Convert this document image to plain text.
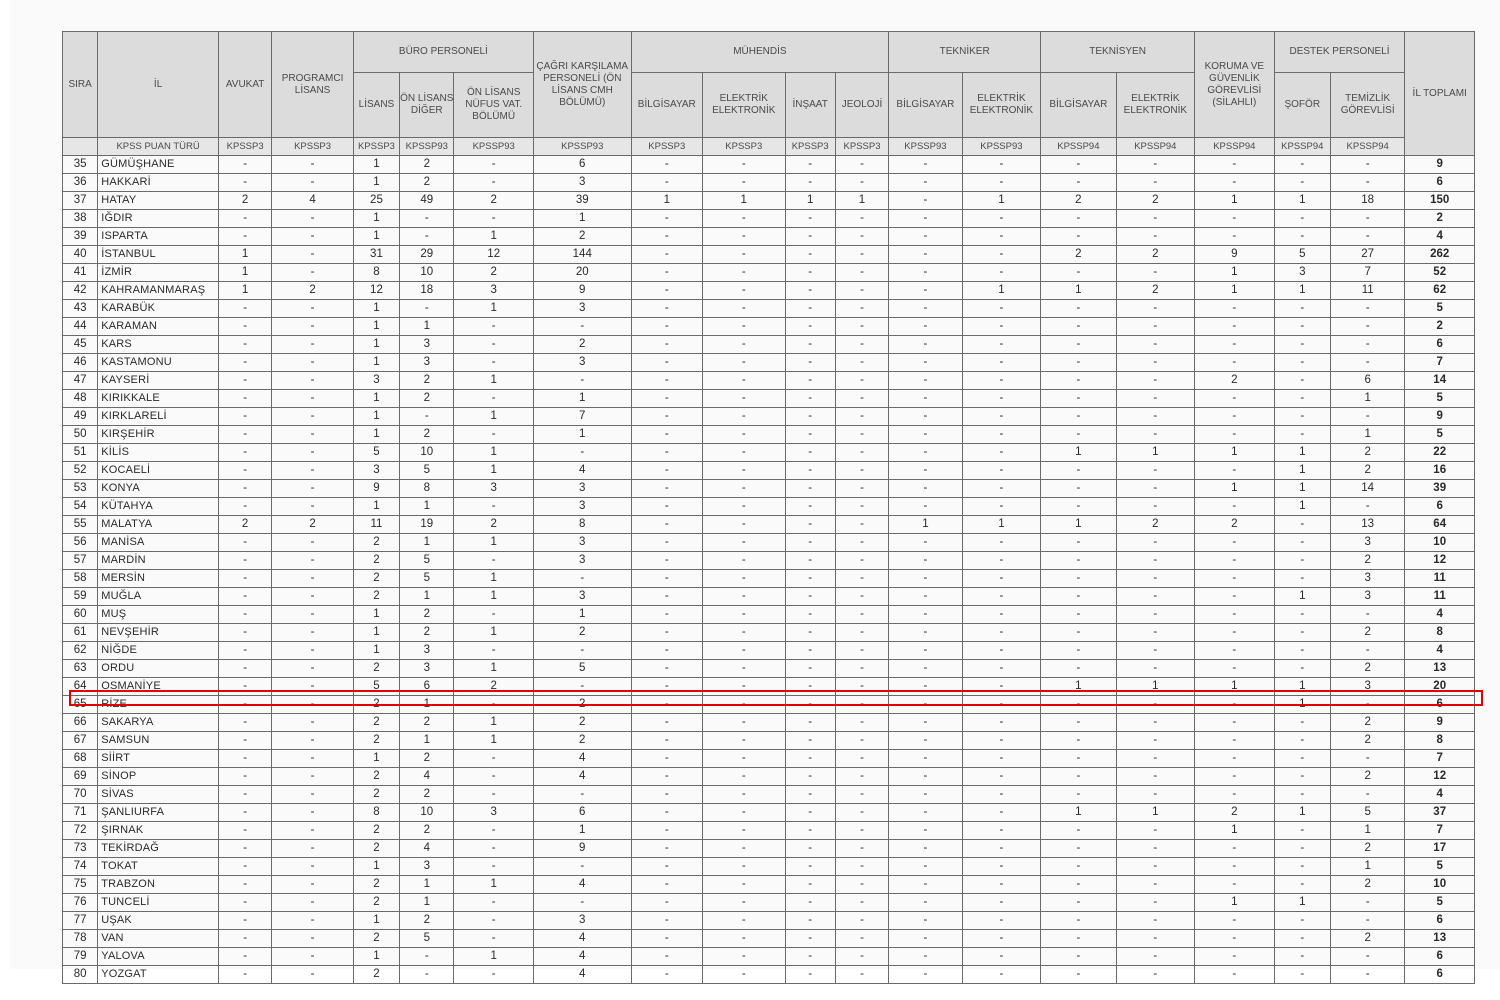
SIRA	İL	AVUKAT	PROGRAMCI LİSANS	BÜRO PERSONELİ			ÇAĞRI KARŞILAMA PERSONELİ (ÖN LİSANS CMH BÖLÜMÜ)	MÜHENDİS				TEKNİKER		TEKNİSYEN		KORUMA VE GÜVENLİK GÖREVLİSİ (SİLAHLI)	DESTEK PERSONELİ		İL TOPLAMI
				LİSANS	ÖN LİSANS DİĞER	ÖN LİSANS NÜFUS VAT. BÖLÜMÜ		BİLGİSAYAR	ELEKTRİK ELEKTRONİK	İNŞAAT	JEOLOJİ	BİLGİSAYAR	ELEKTRİK ELEKTRONİK	BİLGİSAYAR	ELEKTRİK ELEKTRONİK		ŞOFÖR	TEMİZLİK GÖREVLİSİ	
	KPSS PUAN TÜRÜ	KPSSP3	KPSSP3	KPSSP3	KPSSP93	KPSSP93	KPSSP93	KPSSP3	KPSSP3	KPSSP3	KPSSP3	KPSSP93	KPSSP93	KPSSP94	KPSSP94	KPSSP94	KPSSP94	KPSSP94	
35	GÜMÜŞHANE	-	-	1	2	-	6	-	-	-	-	-	-	-	-	-	-	-	9
36	HAKKARİ	-	-	1	2	-	3	-	-	-	-	-	-	-	-	-	-	-	6
37	HATAY	2	4	25	49	2	39	1	1	1	1	-	1	2	2	1	1	18	150
38	IĞDIR	-	-	1	-	-	1	-	-	-	-	-	-	-	-	-	-	-	2
39	ISPARTA	-	-	1	-	1	2	-	-	-	-	-	-	-	-	-	-	-	4
40	İSTANBUL	1	-	31	29	12	144	-	-	-	-	-	-	2	2	9	5	27	262
41	İZMİR	1	-	8	10	2	20	-	-	-	-	-	-	-	-	1	3	7	52
42	KAHRAMANMARAŞ	1	2	12	18	3	9	-	-	-	-	-	1	1	2	1	1	11	62
43	KARABÜK	-	-	1	-	1	3	-	-	-	-	-	-	-	-	-	-	-	5
44	KARAMAN	-	-	1	1	-	-	-	-	-	-	-	-	-	-	-	-	-	2
45	KARS	-	-	1	3	-	2	-	-	-	-	-	-	-	-	-	-	-	6
46	KASTAMONU	-	-	1	3	-	3	-	-	-	-	-	-	-	-	-	-	-	7
47	KAYSERİ	-	-	3	2	1	-	-	-	-	-	-	-	-	-	2	-	6	14
48	KIRIKKALE	-	-	1	2	-	1	-	-	-	-	-	-	-	-	-	-	1	5
49	KIRKLARELİ	-	-	1	-	1	7	-	-	-	-	-	-	-	-	-	-	-	9
50	KIRŞEHİR	-	-	1	2	-	1	-	-	-	-	-	-	-	-	-	-	1	5
51	KİLİS	-	-	5	10	1	-	-	-	-	-	-	-	1	1	1	1	2	22
52	KOCAELİ	-	-	3	5	1	4	-	-	-	-	-	-	-	-	-	1	2	16
53	KONYA	-	-	9	8	3	3	-	-	-	-	-	-	-	-	1	1	14	39
54	KÜTAHYA	-	-	1	1	-	3	-	-	-	-	-	-	-	-	-	1	-	6
55	MALATYA	2	2	11	19	2	8	-	-	-	-	1	1	1	2	2	-	13	64
56	MANİSA	-	-	2	1	1	3	-	-	-	-	-	-	-	-	-	-	3	10
57	MARDİN	-	-	2	5	-	3	-	-	-	-	-	-	-	-	-	-	2	12
58	MERSİN	-	-	2	5	1	-	-	-	-	-	-	-	-	-	-	-	3	11
59	MUĞLA	-	-	2	1	1	3	-	-	-	-	-	-	-	-	-	1	3	11
60	MUŞ	-	-	1	2	-	1	-	-	-	-	-	-	-	-	-	-	-	4
61	NEVŞEHİR	-	-	1	2	1	2	-	-	-	-	-	-	-	-	-	-	2	8
62	NİĞDE	-	-	1	3	-	-	-	-	-	-	-	-	-	-	-	-	-	4
63	ORDU	-	-	2	3	1	5	-	-	-	-	-	-	-	-	-	-	2	13
64	OSMANİYE	-	-	5	6	2	-	-	-	-	-	-	-	1	1	1	1	3	20
65	RİZE	-	-	2	1	-	2	-	-	-	-	-	-	-	-	-	1	-	6
66	SAKARYA	-	-	2	2	1	2	-	-	-	-	-	-	-	-	-	-	2	9
67	SAMSUN	-	-	2	1	1	2	-	-	-	-	-	-	-	-	-	-	2	8
68	SİİRT	-	-	1	2	-	4	-	-	-	-	-	-	-	-	-	-	-	7
69	SİNOP	-	-	2	4	-	4	-	-	-	-	-	-	-	-	-	-	2	12
70	SİVAS	-	-	2	2	-	-	-	-	-	-	-	-	-	-	-	-	-	4
71	ŞANLIURFA	-	-	8	10	3	6	-	-	-	-	-	-	1	1	2	1	5	37
72	ŞIRNAK	-	-	2	2	-	1	-	-	-	-	-	-	-	-	1	-	1	7
73	TEKİRDAĞ	-	-	2	4	-	9	-	-	-	-	-	-	-	-	-	-	2	17
74	TOKAT	-	-	1	3	-	-	-	-	-	-	-	-	-	-	-	-	1	5
75	TRABZON	-	-	2	1	1	4	-	-	-	-	-	-	-	-	-	-	2	10
76	TUNCELİ	-	-	2	1	-	-	-	-	-	-	-	-	-	-	1	1	-	5
77	UŞAK	-	-	1	2	-	3	-	-	-	-	-	-	-	-	-	-	-	6
78	VAN	-	-	2	5	-	4	-	-	-	-	-	-	-	-	-	-	2	13
79	YALOVA	-	-	1	-	1	4	-	-	-	-	-	-	-	-	-	-	-	6
80	YOZGAT	-	-	2	-	-	4	-	-	-	-	-	-	-	-	-	-	-	6
